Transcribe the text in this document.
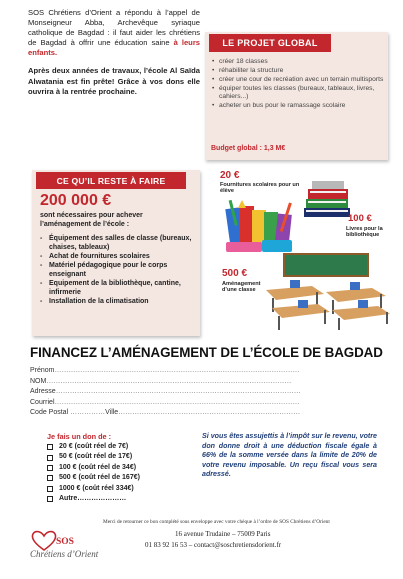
SOS Chrétiens d’Orient a répondu à l’appel de Monseigneur Abba, Archevêque syriaque catholique de Bagdad : il faut aider les chrétiens de Bagdad à offrir une éducation saine à leurs enfants.

Après deux années de travaux, l’école Al Saïda Alwatania est fin prête! Grâce à vos dons elle ouvrira à la rentrée prochaine.

LE PROJET GLOBAL
• créer 18 classes
• réhabiliter la structure
• créer une cour de recréation avec un terrain multisports
• équiper toutes les classes (bureaux, tableaux, livres, cahiers...)
• acheter un bus pour le ramassage scolaire
Budget global : 1,3 M€
CE QU’IL RESTE À FAIRE
200 000 €
sont nécessaires pour achever l’aménagement de l’école :
- Équipement des salles de classe (bureaux, chaises, tableaux)
- Achat de fournitures scolaires
- Matériel pédagogique pour le corps enseignant
- Equipement de la bibliothèque, cantine, infirmerie
- Installation de la climatisation
20 €
Fournitures scolaires pour un élève
100 €
Livres pour la bibliothèque
500 €
Aménagement d’une classe
FINANCEZ L’AMÉNAGEMENT DE L’ÉCOLE DE BAGDAD
Prénom……………………………………………………………………………………………
NOM……………………………………………………………………………………………
Adresse……………………………………………………………………………………………
Courriel……………………………………………………………………………………………
Code Postal ……………Ville……………………………………………………………………
Je fais un don de :
20 € (coût réel de 7€)
50 € (coût réel de 17€)
100 € (coût réel de 34€)
500 € (coût réel de 167€)
1000 € (coût réel 334€)
Autre…………………
Si vous êtes assujettis à l’impôt sur le revenu, votre don donne droit à une déduction fiscale égale à 66% de la somme versée dans la limite de 20% de votre revenu imposable. Un reçu fiscal vous sera adressé.
Merci de retourner ce bon complété sous enveloppe avec votre chèque à l’ordre de SOS Chrétiens d’Orient
16 avenue Trudaine – 75009 Paris
01 83 92 16 53 – contact@soschretiensdorient.fr
SOS
Chrétiens d’Orient
